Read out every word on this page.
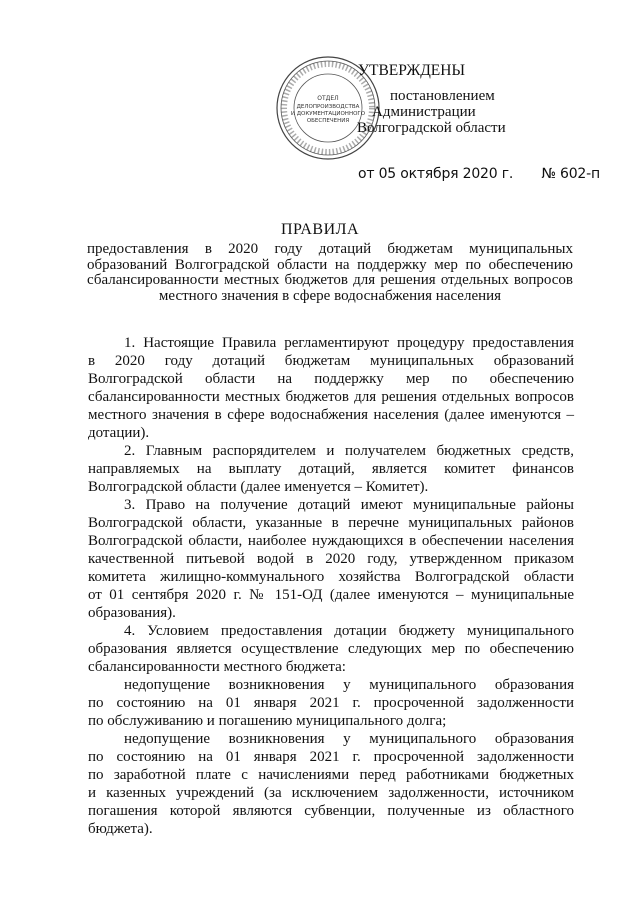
ОТДЕЛ
ДЕЛОПРОИЗВОДСТВА
И ДОКУМЕНТАЦИОННОГО
ОБЕСПЕЧЕНИЯ
УТВЕРЖДЕНЫ
постановлением
Администрации
Волгоградской области
от 05 октября 2020 г. № 602-п
ПРАВИЛА
предоставления в 2020 году дотаций бюджетам муниципальных
образований Волгоградской области на поддержку мер по обеспечению
сбалансированности местных бюджетов для решения отдельных вопросов
местного значения в сфере водоснабжения населения
1. Настоящие Правила регламентируют процедуру предоставления
в 2020 году дотаций бюджетам муниципальных образований
Волгоградской области на поддержку мер по обеспечению
сбалансированности местных бюджетов для решения отдельных вопросов
местного значения в сфере водоснабжения населения (далее именуются –
дотации).
2. Главным распорядителем и получателем бюджетных средств,
направляемых на выплату дотаций, является комитет финансов
Волгоградской области (далее именуется – Комитет).
3. Право на получение дотаций имеют муниципальные районы
Волгоградской области, указанные в перечне муниципальных районов
Волгоградской области, наиболее нуждающихся в обеспечении населения
качественной питьевой водой в 2020 году, утвержденном приказом
комитета жилищно-коммунального хозяйства Волгоградской области
от 01 сентября 2020 г. № 151-ОД (далее именуются – муниципальные
образования).
4. Условием предоставления дотации бюджету муниципального
образования является осуществление следующих мер по обеспечению
сбалансированности местного бюджета:
недопущение возникновения у муниципального образования
по состоянию на 01 января 2021 г. просроченной задолженности
по обслуживанию и погашению муниципального долга;
недопущение возникновения у муниципального образования
по состоянию на 01 января 2021 г. просроченной задолженности
по заработной плате с начислениями перед работниками бюджетных
и казенных учреждений (за исключением задолженности, источником
погашения которой являются субвенции, полученные из областного
бюджета).
